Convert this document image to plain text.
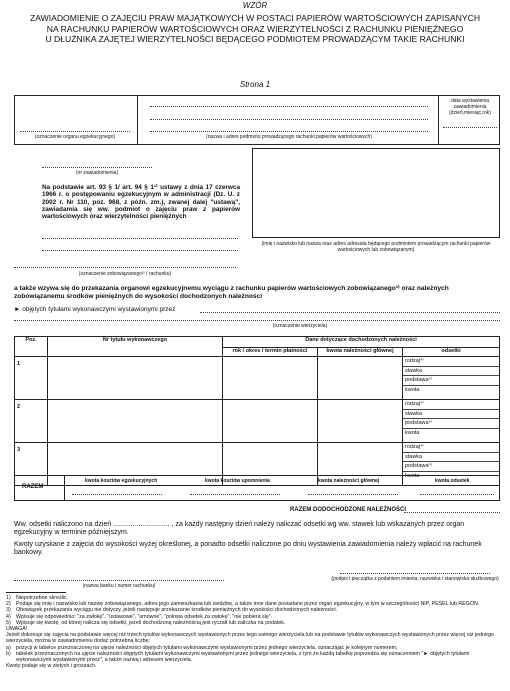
WZÓR
ZAWIADOMIENIE O ZAJĘCIU PRAW MAJĄTKOWYCH W POSTACI PAPIERÓW WARTOŚCIOWYCH ZAPISANYCH
NA RACHUNKU PAPIERÓW WARTOŚCIOWYCH ORAZ WIERZYTELNOŚCI Z RACHUNKU PIENIĘŻNEGO
U DŁUŻNIKA ZAJĘTEJ WIERZYTELNOŚCI BĘDĄCEGO PODMIOTEM PROWADZĄCYM TAKIE RACHUNKI
Strona 1
(oznaczenie organu egzekucyjnego)	(nazwa i adres podmiotu prowadzącego rachunki papierów wartościowych)
data wystawienia zawiadomienia (dzień,miesiąc,rok)
(nr zawiadomienia)
Na podstawie art. 93 § 1/ art. 94 § 1¹⁾ ustawy z dnia 17 czerwca 1966 r. o postępowaniu egzekucyjnym w administracji (Dz. U. z 2002 r. Nr 110, poz. 968, z późn. zm.), zwanej dalej "ustawą", zawiadamia się ww. podmiot o zajęciu praw z papierów wartościowych oraz wierzytelności pieniężnych
(imię i nazwisko lub nazwa oraz adres adresata będącego podmiotem prowadzącym rachunki papierów wartościowych lub zobowiązanym)
(oznaczenie zobowiązanego²⁾ / rachunku)
a także wzywa się do przekazania organowi egzekucyjnemu wyciągu z rachunku papierów wartościowych zobowiązanego³⁾ oraz należnych zobowiązanemu środków pieniężnych do wysokości dochodzonych należności
► objętych tytułami wykonawczymi wystawionymi przez
(oznaczenie wierzyciela)
Poz.	Nr tytułu wykonawczego	Dane dotyczące dochodzonych należności		
		rok / okres / termin płatności	kwota należności głównej	odsetki
1				rodzaj⁴⁾
stawka
podstawa⁵⁾
kwota

2				rodzaj⁴⁾
stawka
podstawa⁵⁾
kwota

3				rodzaj⁴⁾
stawka
podstawa⁵⁾
kwota
RAZEM
kwota kosztów egzekucyjnych	kwota kosztów upomnienia	kwota należności głównej	kwota odsetek
RAZEM DODOCHODZONE NALEŻNOŚCI
Ww. odsetki naliczono na dzień ............................. , za każdy następny dzień należy naliczać odsetki wg ww. stawek lub wskazanych przez organ egzekucyjny w terminie późniejszym.
Kwoty uzyskane z zajęcia do wysokości wyżej określonej, a ponadto odsetki naliczone po dniu wystawienia zawiadomienia należy wpłacić na rachunek bankowy.
(podpis i pieczątka z podaniem imienia, nazwiska i stanowiska służbowego)
(nazwa banku i numer rachunku)
1) Niepotrzebne skreślić.
2) Podaje się imię i nazwisko lub nazwę zobowiązanego, adres jego zamieszkania lub siedzibę, a także inne dane posiadane przez organ egzekucyjny, w tym w szczególności NIP, PESEL lub REGON.
3) Obowiązek przekazania wyciągu nie dotyczy, jeżeli następuje przekazanie środków pieniężnych do wysokości dochodzonych należności.
4) Wpisuje się odpowiednio: "za zwłokę", "ustawowe", "umowne", "połowa odsetek za zwłokę", "nie pobiera się".
5) Wpisuje się kwotę, od której nalicza się odsetki, jeżeli dochodzoną należnością jest ryczałt lub zaliczka na podatek.
UWAGA!
Jeżeli dokonuje się zajęcia na podstawie więcej niż trzech tytułów wykonawczych wystawionych przez tego samego wierzyciela lub na podstawie tytułów wykonawczych wystawionych przez więcej niż jednego wierzyciela, można w zawiadomieniu dodać potrzebną liczbę:
a) pozycji w tabelce przeznaczonej na ujęcie należności objętych tytułami wykonawczymi wystawionymi przez jednego wierzyciela, oznaczając je kolejnym numerem,
b) tabelek przeznaczonych na ujęcie należności objętych tytułami wykonawczymi wystawionymi przez jednego wierzyciela, z tym że każdą tabelkę poprzedza się oznaczeniem "► objętych tytułami wykonawczymi wystawionymi przez", a także nazwą i adresem wierzyciela.
Kwoty podaje się w złotych i groszach.
